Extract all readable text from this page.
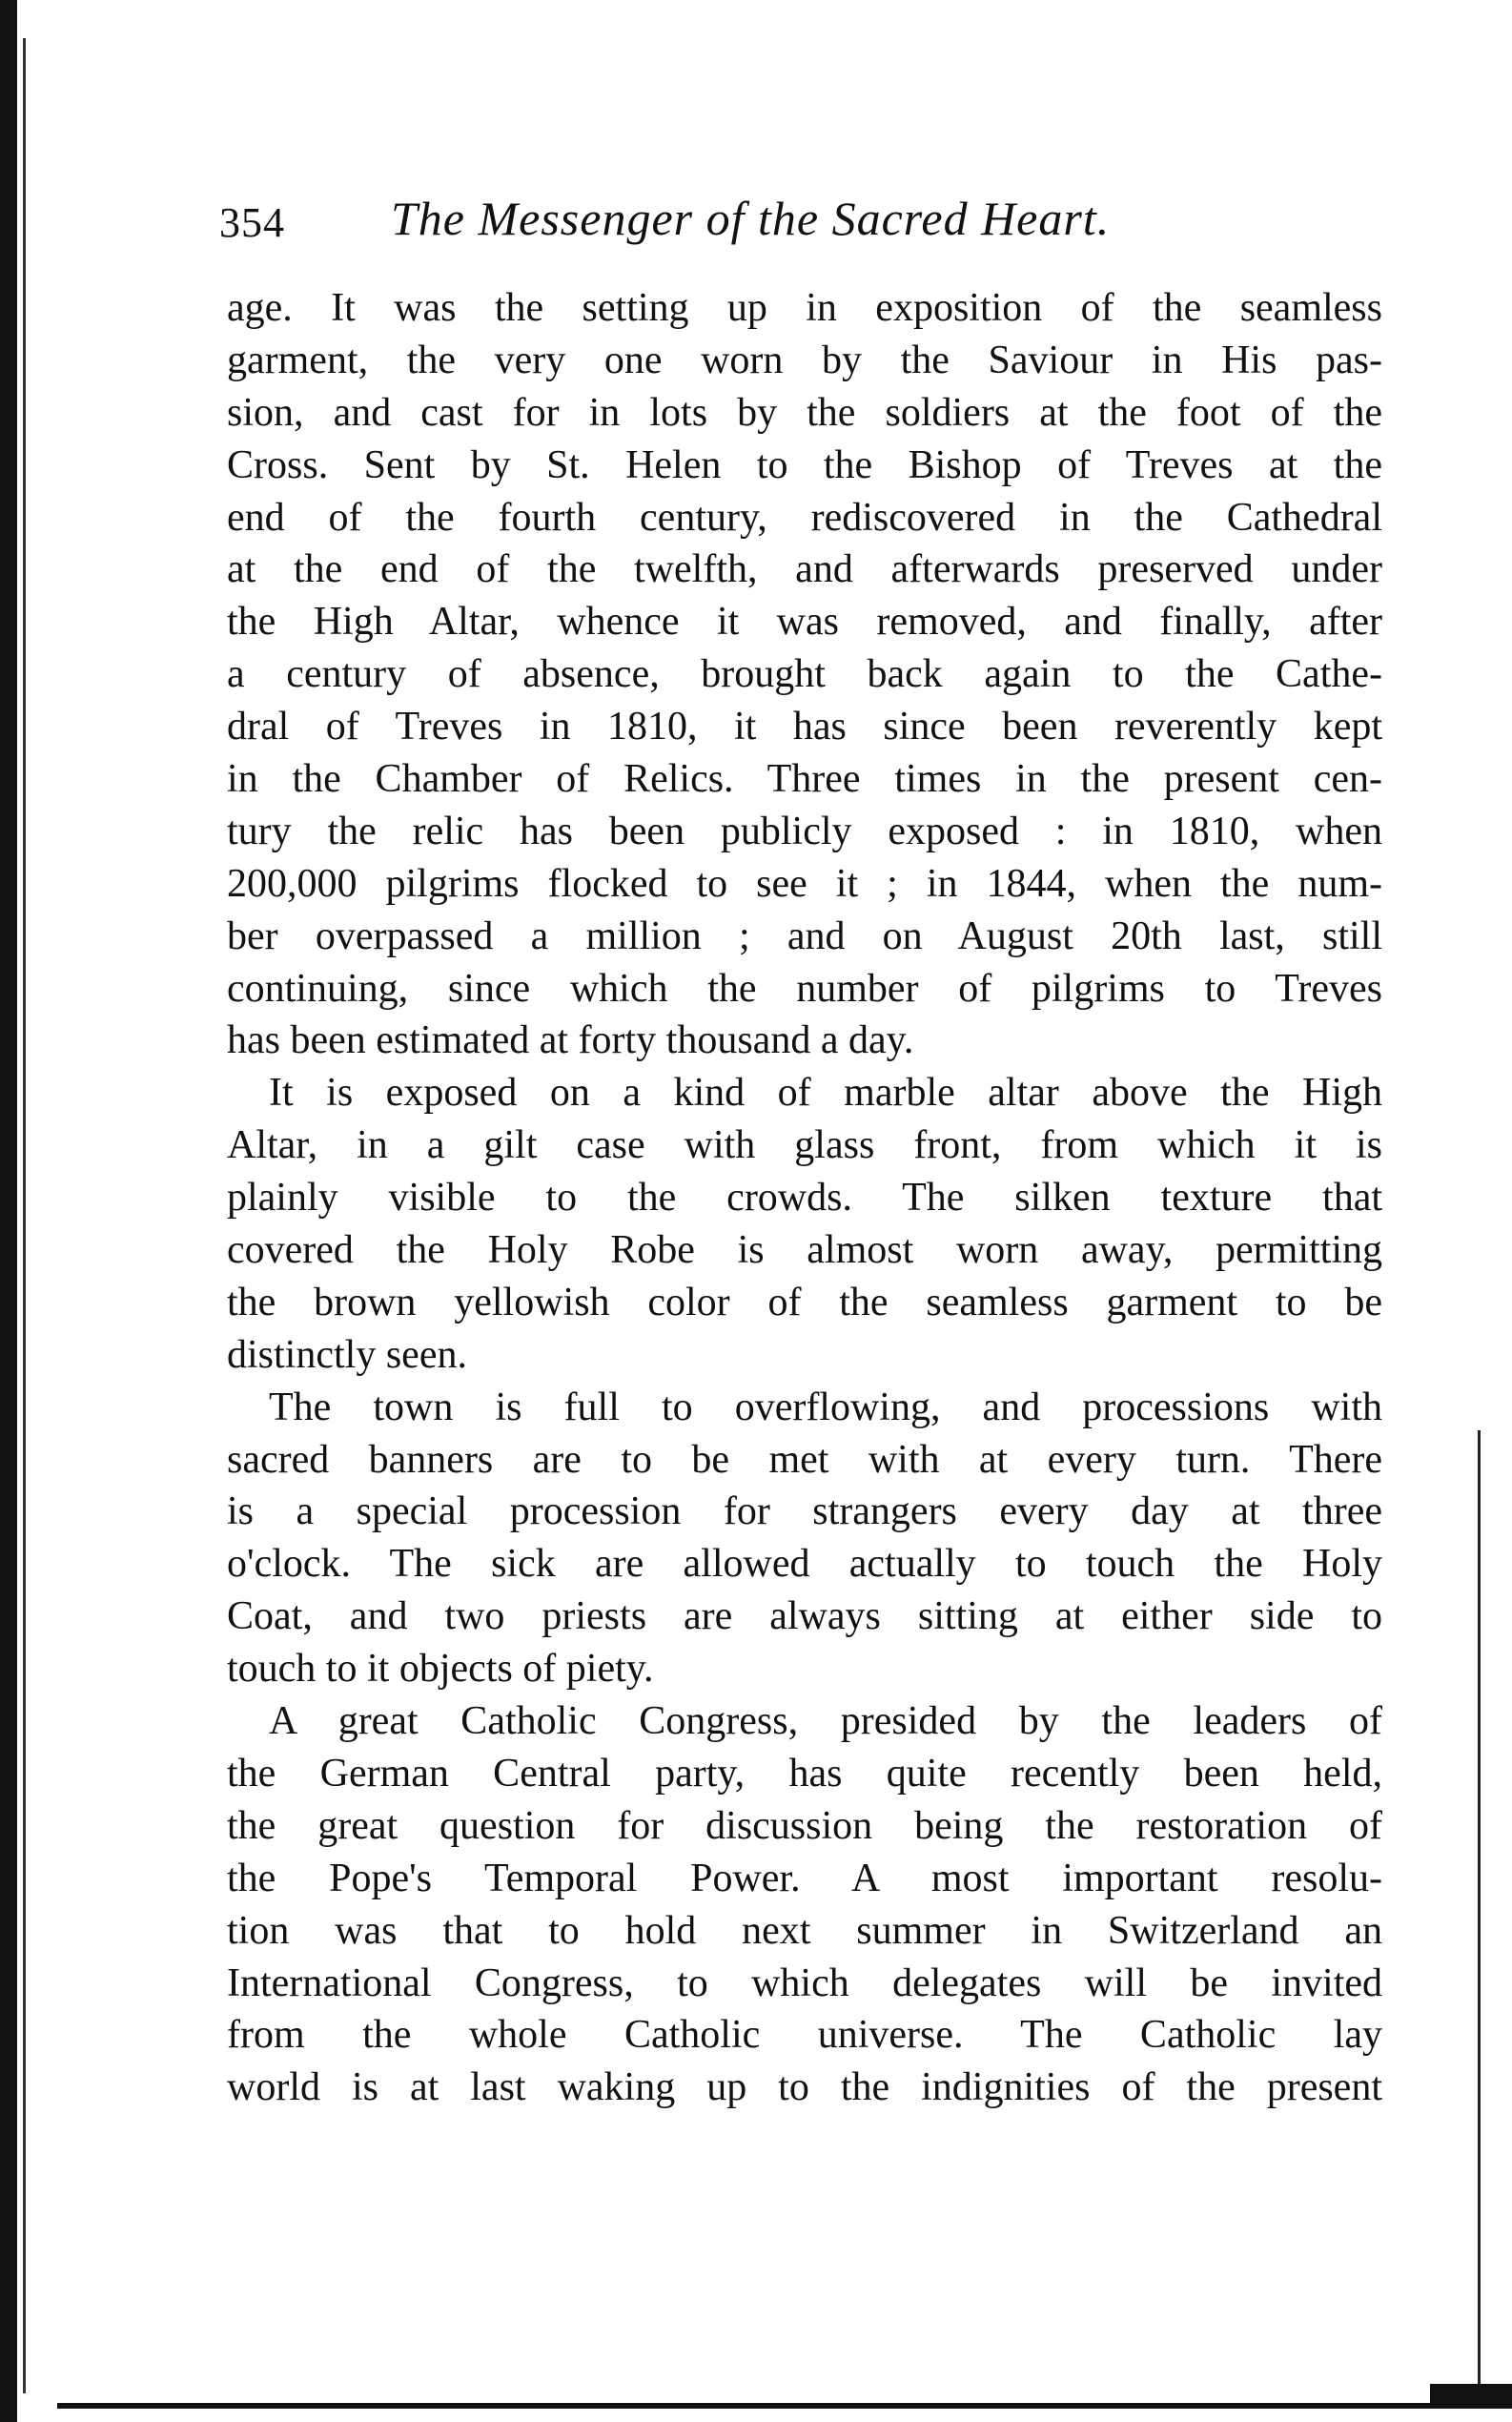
354 The Messenger of the Sacred Heart.
age. It was the setting up in exposition of the seamless
garment, the very one worn by the Saviour in His pas-
sion, and cast for in lots by the soldiers at the foot of the
Cross. Sent by St. Helen to the Bishop of Treves at the
end of the fourth century, rediscovered in the Cathedral
at the end of the twelfth, and afterwards preserved under
the High Altar, whence it was removed, and finally, after
a century of absence, brought back again to the Cathe-
dral of Treves in 1810, it has since been reverently kept
in the Chamber of Relics. Three times in the present cen-
tury the relic has been publicly exposed : in 1810, when
200,000 pilgrims flocked to see it ; in 1844, when the num-
ber overpassed a million ; and on August 20th last, still
continuing, since which the number of pilgrims to Treves
has been estimated at forty thousand a day.
It is exposed on a kind of marble altar above the High
Altar, in a gilt case with glass front, from which it is
plainly visible to the crowds. The silken texture that
covered the Holy Robe is almost worn away, permitting
the brown yellowish color of the seamless garment to be
distinctly seen.
The town is full to overflowing, and processions with
sacred banners are to be met with at every turn. There
is a special procession for strangers every day at three
o'clock. The sick are allowed actually to touch the Holy
Coat, and two priests are always sitting at either side to
touch to it objects of piety.
A great Catholic Congress, presided by the leaders of
the German Central party, has quite recently been held,
the great question for discussion being the restoration of
the Pope's Temporal Power. A most important resolu-
tion was that to hold next summer in Switzerland an
International Congress, to which delegates will be invited
from the whole Catholic universe. The Catholic lay
world is at last waking up to the indignities of the present
